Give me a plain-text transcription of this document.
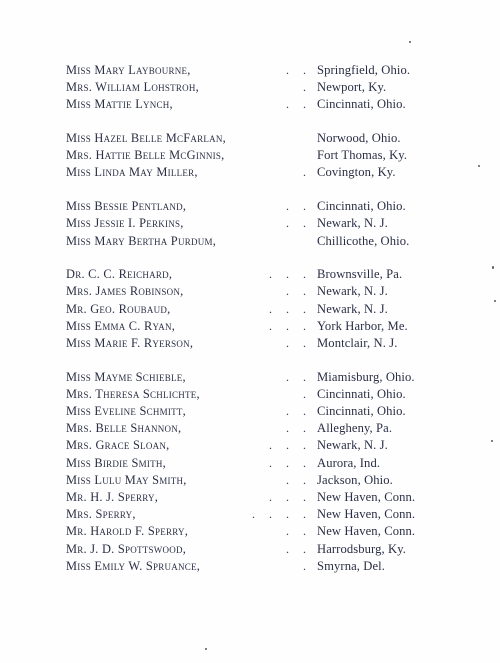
Miss Mary Laybourne,	. . Springfield, Ohio.
Mrs. William Lohstroh,	. Newport, Ky.
Miss Mattie Lynch,	. . Cincinnati, Ohio.
Miss Hazel Belle McFarlan,	Norwood, Ohio.
Mrs. Hattie Belle McGinnis,	Fort Thomas, Ky.
Miss Linda May Miller,	. Covington, Ky.
Miss Bessie Pentland,	. . Cincinnati, Ohio.
Miss Jessie I. Perkins,	. . Newark, N. J.
Miss Mary Bertha Purdum,	Chillicothe, Ohio.
Dr. C. C. Reichard,	. . . Brownsville, Pa.
Mrs. James Robinson,	. . Newark, N. J.
Mr. Geo. Roubaud,	. . . Newark, N. J.
Miss Emma C. Ryan,	. . . York Harbor, Me.
Miss Marie F. Ryerson,	. . Montclair, N. J.
Miss Mayme Schieble,	. . Miamisburg, Ohio.
Mrs. Theresa Schlichte,	. Cincinnati, Ohio.
Miss Eveline Schmitt,	. . Cincinnati, Ohio.
Mrs. Belle Shannon,	. . Allegheny, Pa.
Mrs. Grace Sloan,	. . . Newark, N. J.
Miss Birdie Smith,	. . . Aurora, Ind.
Miss Lulu May Smith,	. . Jackson, Ohio.
Mr. H. J. Sperry,	. . . New Haven, Conn.
Mrs. Sperry,	. . . . New Haven, Conn.
Mr. Harold F. Sperry,	. . New Haven, Conn.
Mr. J. D. Spottswood,	. . Harrodsburg, Ky.
Miss Emily W. Spruance,	. Smyrna, Del.
